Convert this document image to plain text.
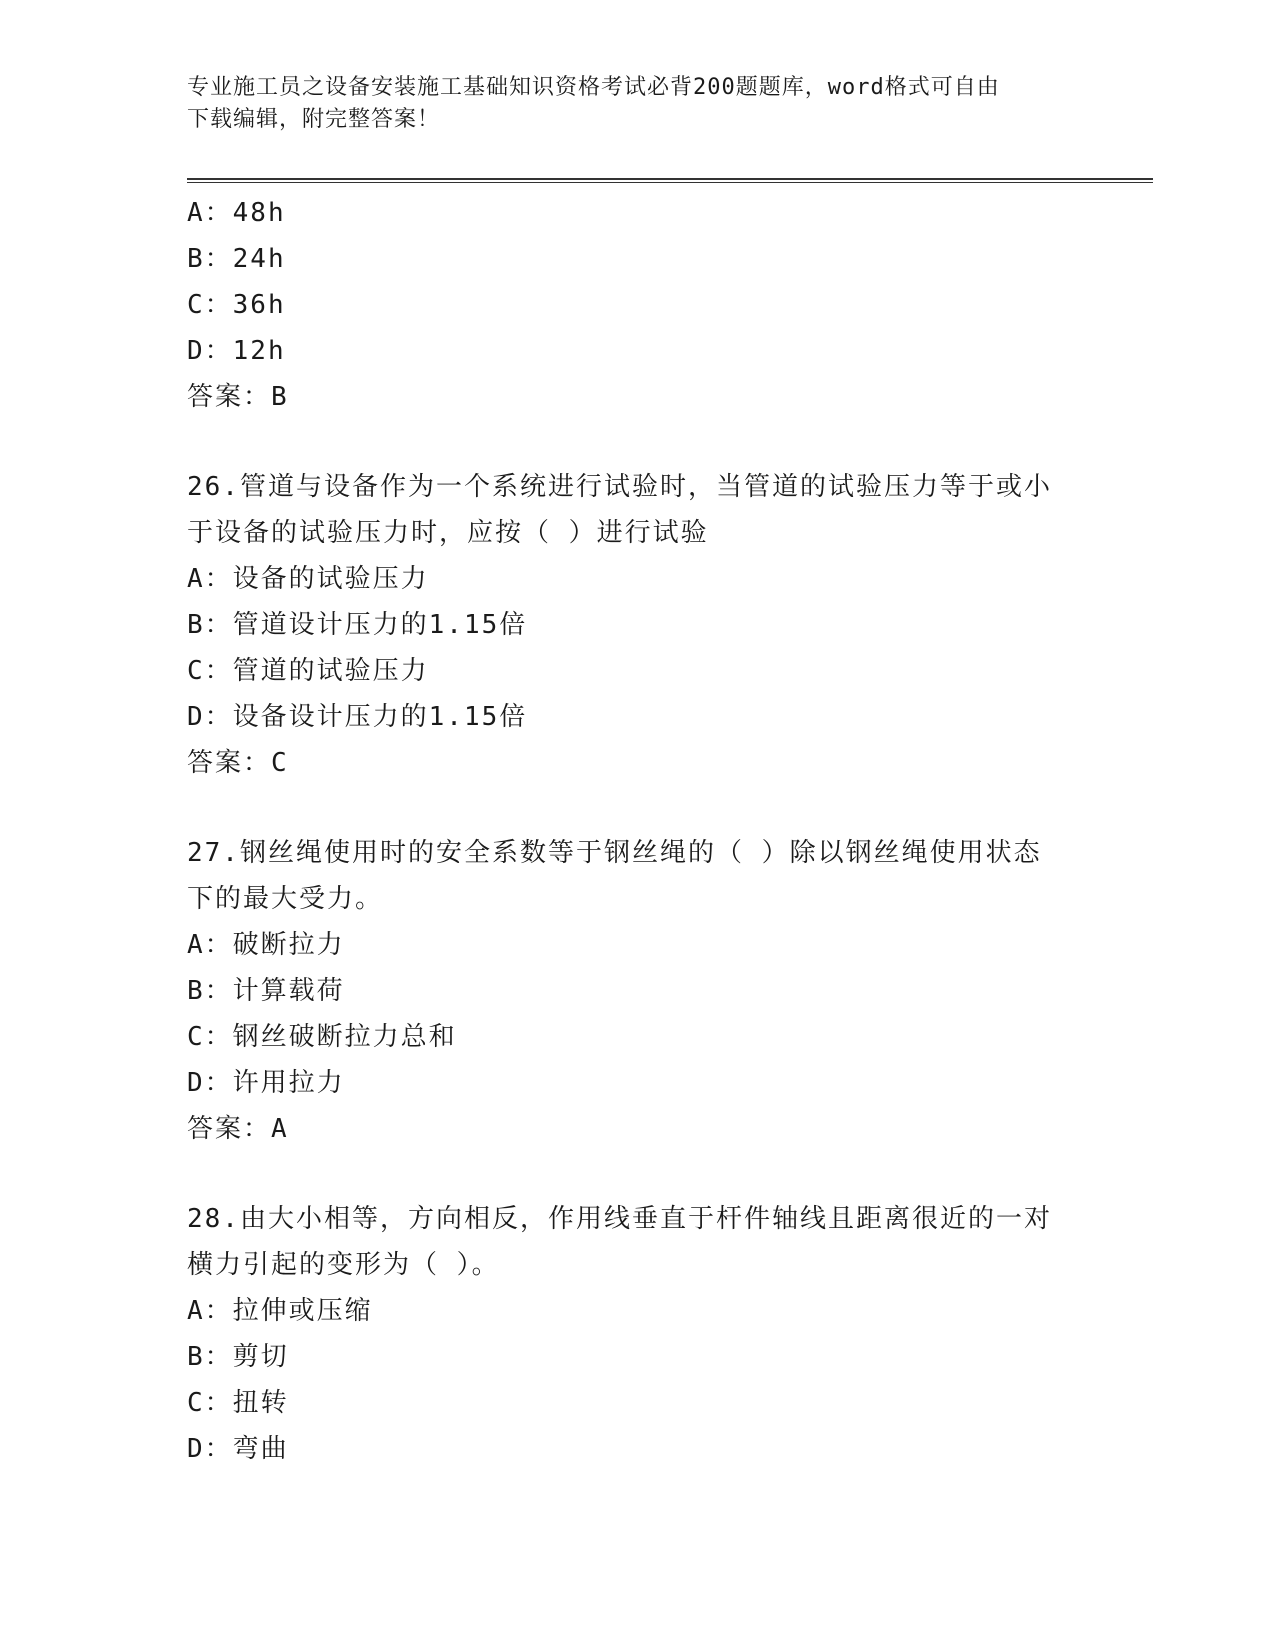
专业施工员之设备安装施工基础知识资格考试必背200题题库，word格式可自由
下载编辑，附完整答案！
A：48h
B：24h
C：36h
D：12h
答案：B
26.管道与设备作为一个系统进行试验时，当管道的试验压力等于或小
于设备的试验压力时，应按（ ）进行试验
A：设备的试验压力
B：管道设计压力的1.15倍
C：管道的试验压力
D：设备设计压力的1.15倍
答案：C
27.钢丝绳使用时的安全系数等于钢丝绳的（ ）除以钢丝绳使用状态
下的最大受力。
A：破断拉力
B：计算载荷
C：钢丝破断拉力总和
D：许用拉力
答案：A
28.由大小相等，方向相反，作用线垂直于杆件轴线且距离很近的一对
横力引起的变形为（ ）。
A：拉伸或压缩
B：剪切
C：扭转
D：弯曲
